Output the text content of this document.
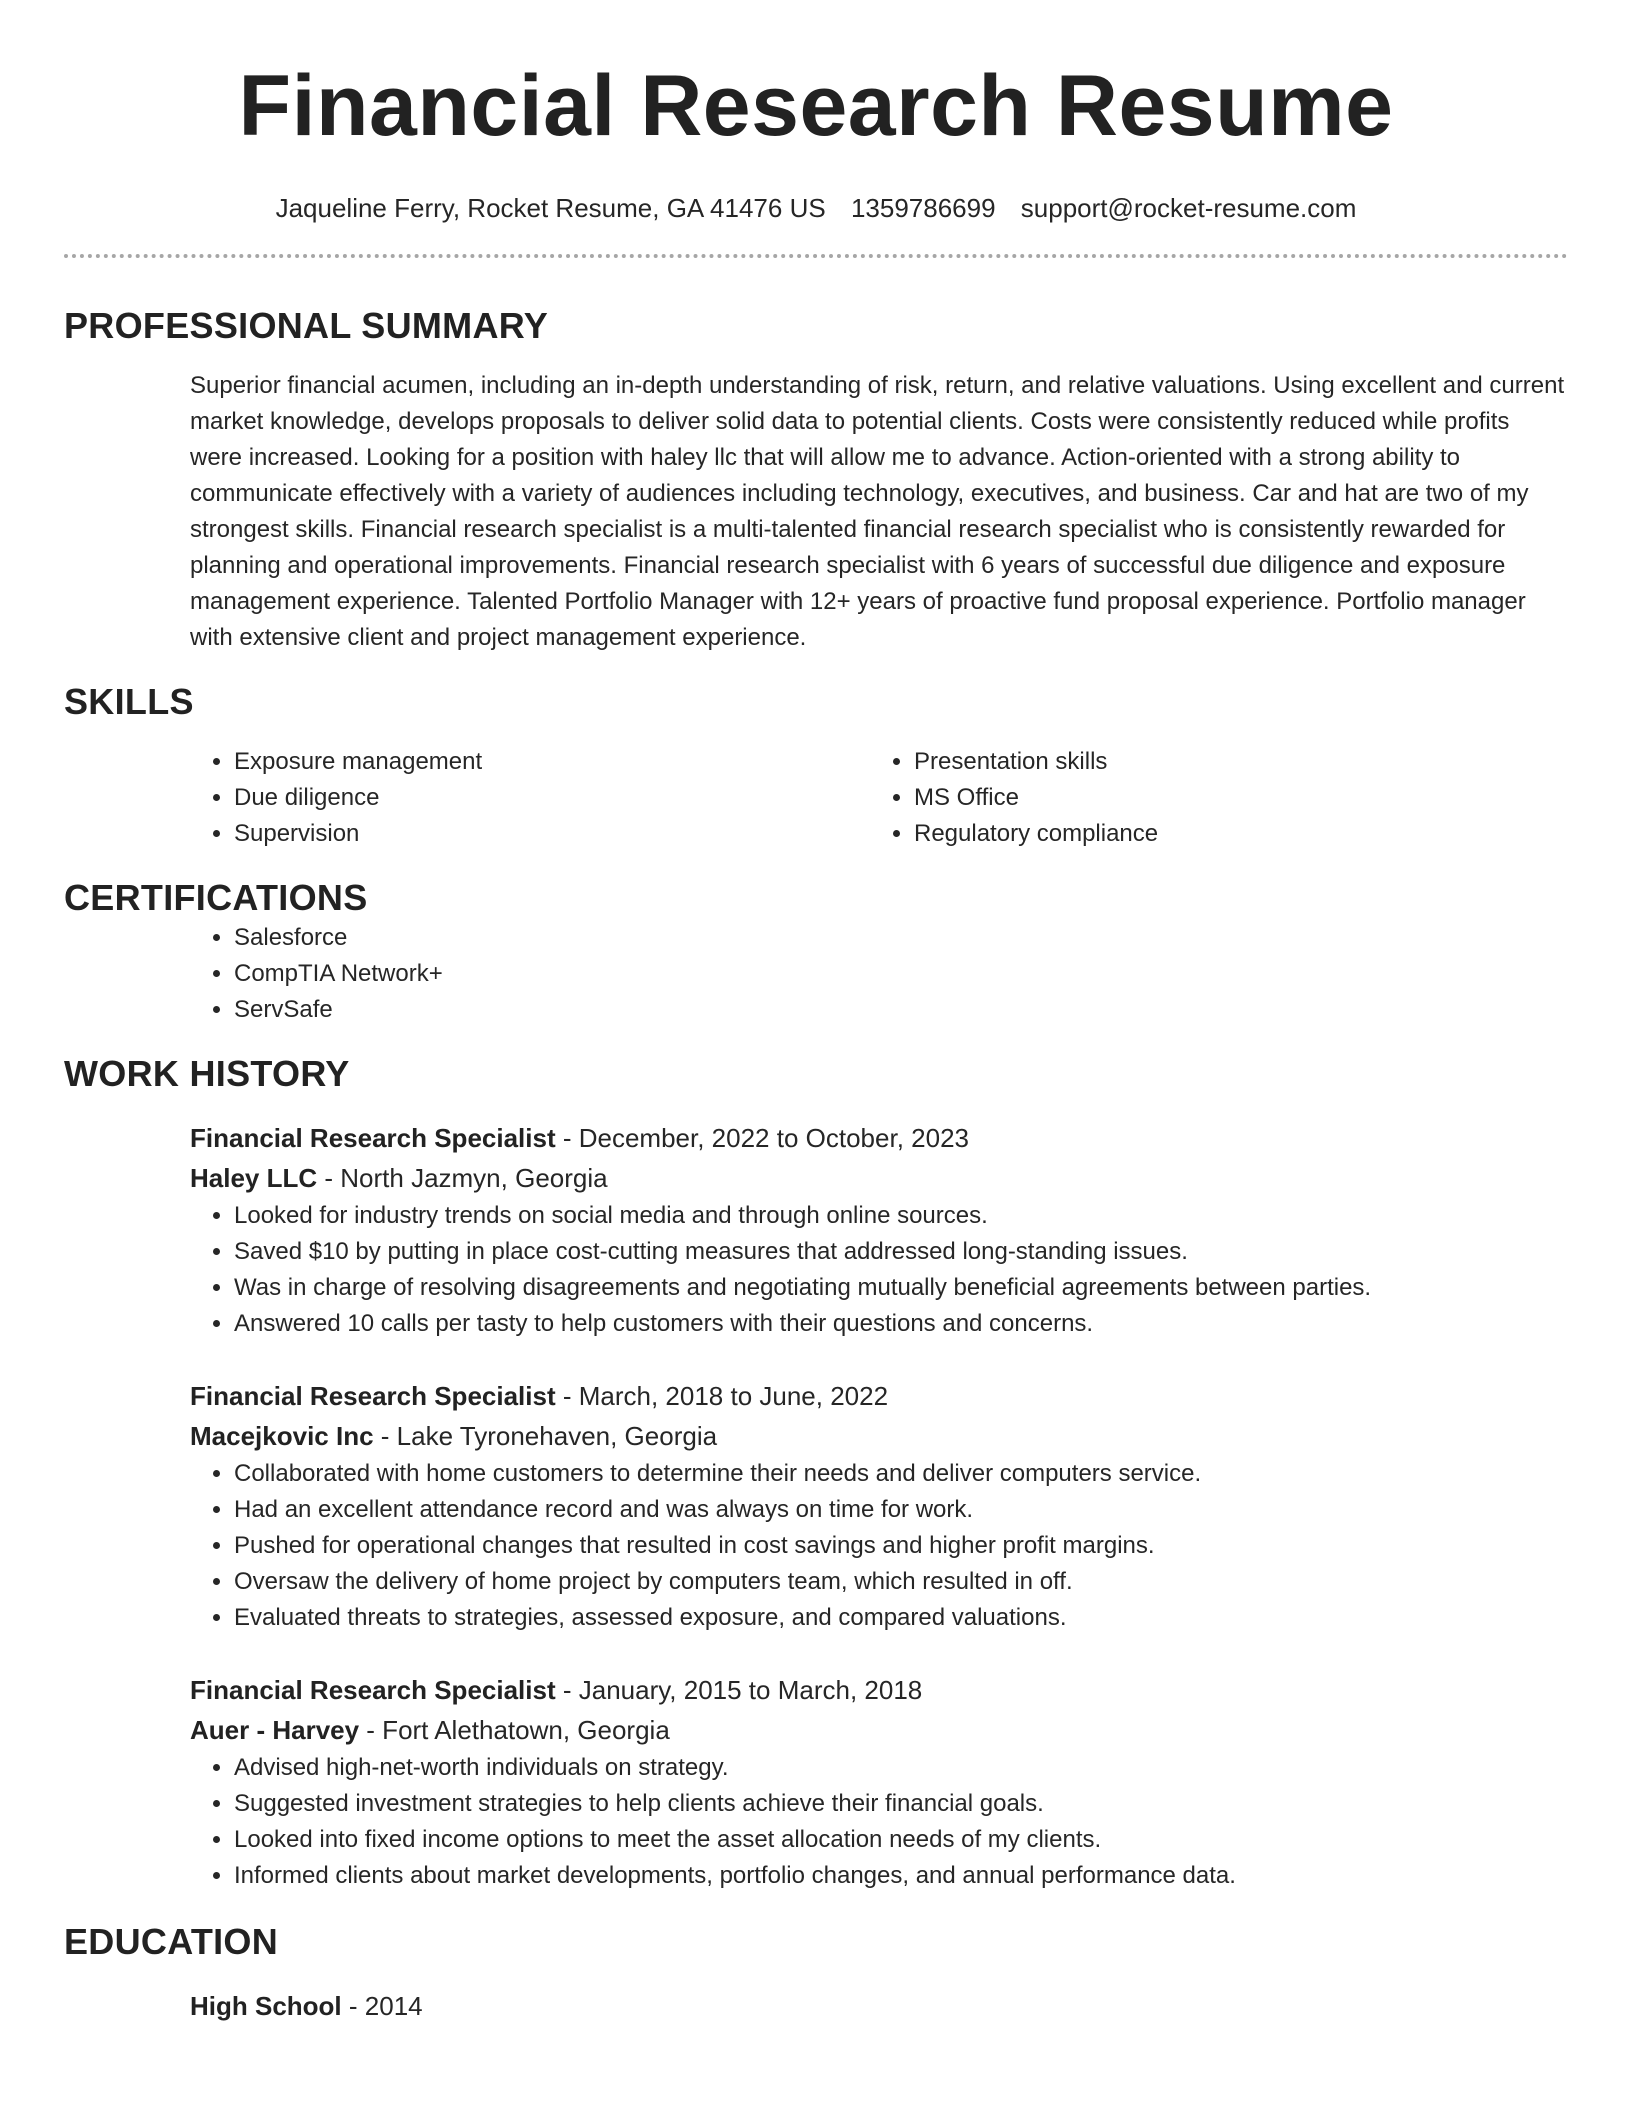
Financial Research Resume
Jaqueline Ferry, Rocket Resume, GA 41476 US 1359786699 support@rocket-resume.com
PROFESSIONAL SUMMARY

Superior financial acumen, including an in-depth understanding of risk, return, and relative valuations. Using excellent and current market knowledge, develops proposals to deliver solid data to potential clients. Costs were consistently reduced while profits were increased. Looking for a position with haley llc that will allow me to advance. Action-oriented with a strong ability to communicate effectively with a variety of audiences including technology, executives, and business. Car and hat are two of my strongest skills. Financial research specialist is a multi-talented financial research specialist who is consistently rewarded for planning and operational improvements. Financial research specialist with 6 years of successful due diligence and exposure management experience. Talented Portfolio Manager with 12+ years of proactive fund proposal experience. Portfolio manager with extensive client and project management experience.

SKILLS
• Exposure management
• Due diligence
• Supervision
• Presentation skills
• MS Office
• Regulatory compliance
CERTIFICATIONS
• Salesforce
• CompTIA Network+
• ServSafe
WORK HISTORY
Financial Research Specialist - December, 2022 to October, 2023
Haley LLC - North Jazmyn, Georgia
• Looked for industry trends on social media and through online sources.
• Saved $10 by putting in place cost-cutting measures that addressed long-standing issues.
• Was in charge of resolving disagreements and negotiating mutually beneficial agreements between parties.
• Answered 10 calls per tasty to help customers with their questions and concerns.
Financial Research Specialist - March, 2018 to June, 2022
Macejkovic Inc - Lake Tyronehaven, Georgia
• Collaborated with home customers to determine their needs and deliver computers service.
• Had an excellent attendance record and was always on time for work.
• Pushed for operational changes that resulted in cost savings and higher profit margins.
• Oversaw the delivery of home project by computers team, which resulted in off.
• Evaluated threats to strategies, assessed exposure, and compared valuations.
Financial Research Specialist - January, 2015 to March, 2018
Auer - Harvey - Fort Alethatown, Georgia
• Advised high-net-worth individuals on strategy.
• Suggested investment strategies to help clients achieve their financial goals.
• Looked into fixed income options to meet the asset allocation needs of my clients.
• Informed clients about market developments, portfolio changes, and annual performance data.
EDUCATION
High School - 2014
